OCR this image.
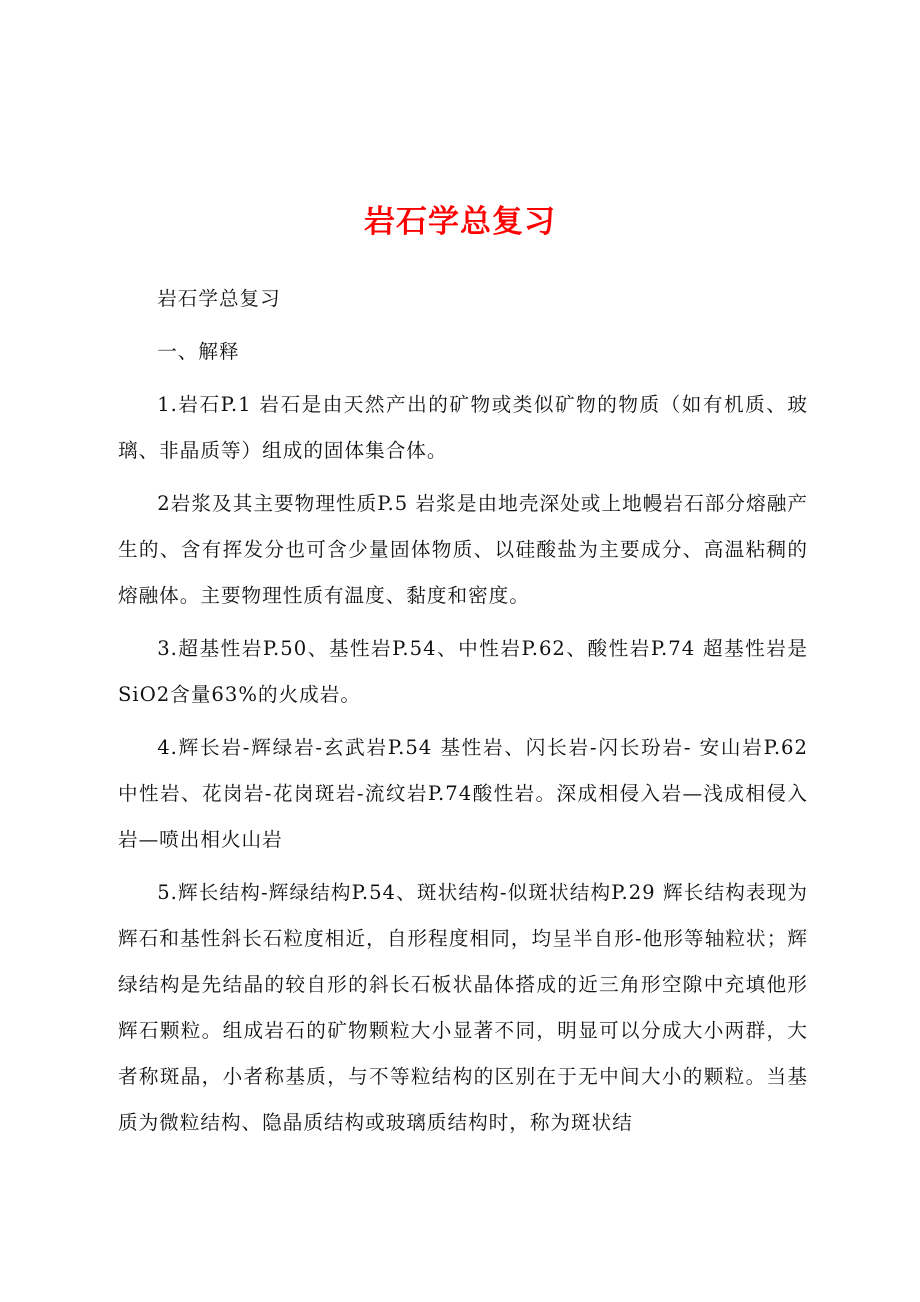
岩石学总复习

岩石学总复习

一、解释

1.岩石P.1 岩石是由天然产出的矿物或类似矿物的物质（如有机质、玻璃、非晶质等）组成的固体集合体。

2岩浆及其主要物理性质P.5 岩浆是由地壳深处或上地幔岩石部分熔融产生的、含有挥发分也可含少量固体物质、以硅酸盐为主要成分、高温粘稠的熔融体。主要物理性质有温度、黏度和密度。

3.超基性岩P.50、基性岩P.54、中性岩P.62、酸性岩P.74 超基性岩是SiO2含量63%的火成岩。

4.辉长岩-辉绿岩-玄武岩P.54 基性岩、闪长岩-闪长玢岩- 安山岩P.62 中性岩、花岗岩-花岗斑岩-流纹岩P.74酸性岩。深成相侵入岩—浅成相侵入岩—喷出相火山岩

5.辉长结构-辉绿结构P.54、斑状结构-似斑状结构P.29 辉长结构表现为辉石和基性斜长石粒度相近，自形程度相同，均呈半自形-他形等轴粒状；辉绿结构是先结晶的较自形的斜长石板状晶体搭成的近三角形空隙中充填他形辉石颗粒。组成岩石的矿物颗粒大小显著不同，明显可以分成大小两群，大者称斑晶，小者称基质，与不等粒结构的区别在于无中间大小的颗粒。当基质为微粒结构、隐晶质结构或玻璃质结构时，称为斑状结
